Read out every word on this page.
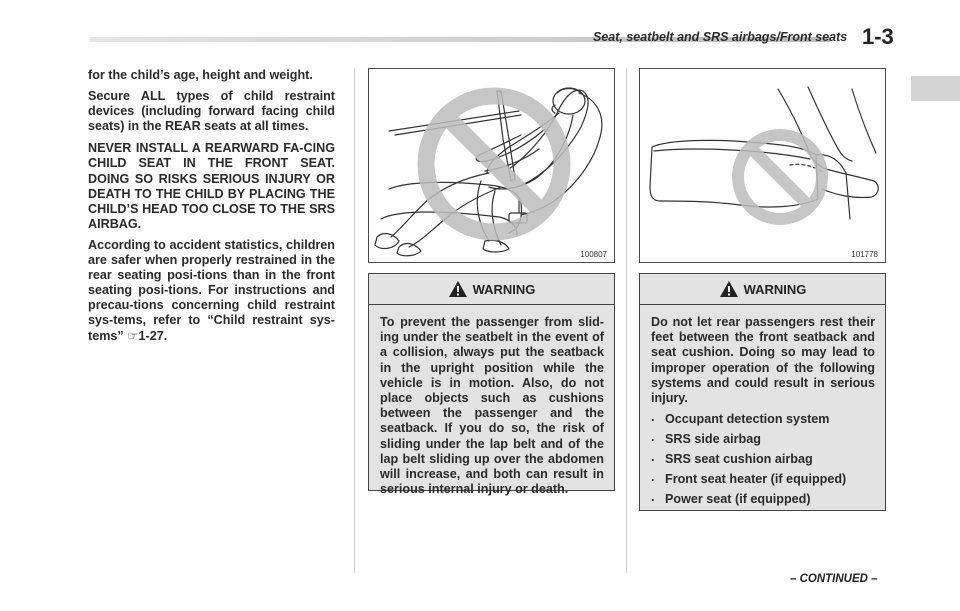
Seat, seatbelt and SRS airbags/Front seats 1-3

for the child’s age, height and weight.

Secure ALL types of child restraint devices (including forward facing child seats) in the REAR seats at all times.

NEVER INSTALL A REARWARD FA-CING CHILD SEAT IN THE FRONT SEAT. DOING SO RISKS SERIOUS INJURY OR DEATH TO THE CHILD BY PLACING THE CHILD’S HEAD TOO CLOSE TO THE SRS AIRBAG.

According to accident statistics, children are safer when properly restrained in the rear seating posi-tions than in the front seating posi-tions. For instructions and precau-tions concerning child restraint sys-tems, refer to “Child restraint sys-tems” ☞1-27.

100807	101778
WARNING

To prevent the passenger from slid-ing under the seatbelt in the event of a collision, always put the seatback in the upright position while the vehicle is in motion. Also, do not place objects such as cushions between the passenger and the seatback. If you do so, the risk of sliding under the lap belt and of the lap belt sliding up over the abdomen will increase, and both can result in serious internal injury or death.

WARNING

Do not let rear passengers rest their feet between the front seatback and seat cushion. Doing so may lead to improper operation of the following systems and could result in serious injury.

. Occupant detection system
. SRS side airbag
. SRS seat cushion airbag
. Front seat heater (if equipped)
. Power seat (if equipped)
– CONTINUED –
